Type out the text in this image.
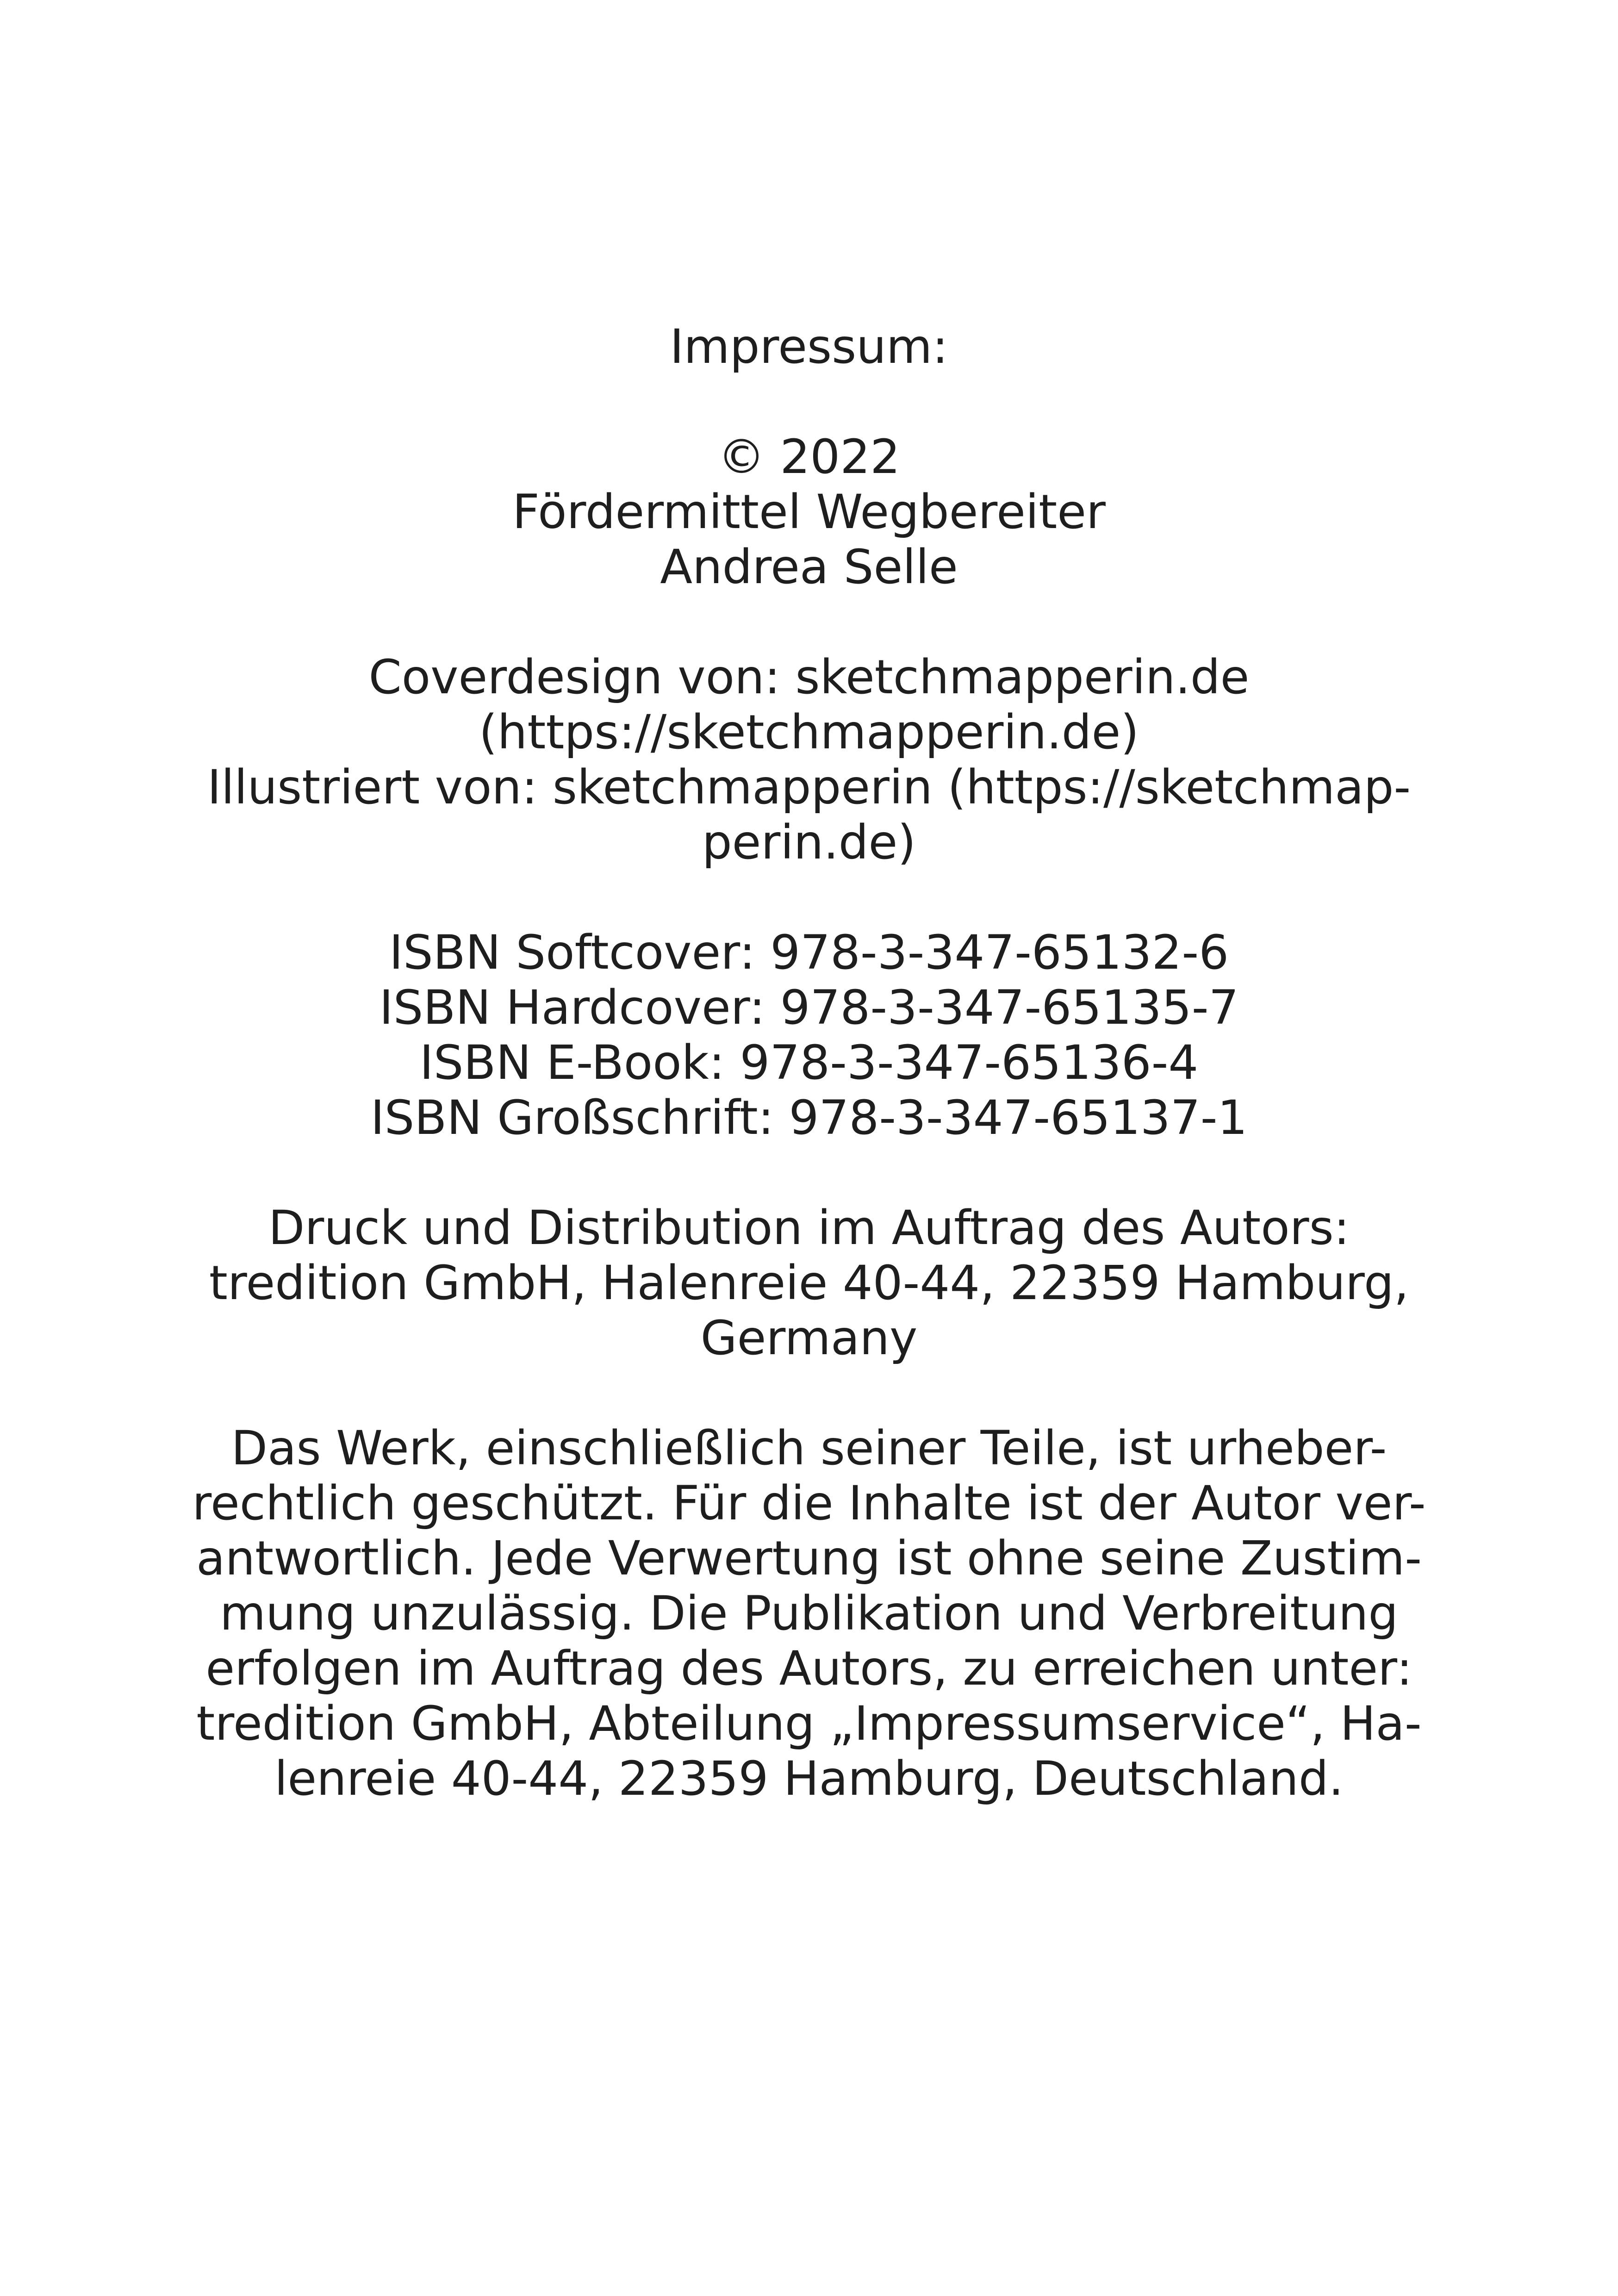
Impressum:
© 2022
Fördermittel Wegbereiter
Andrea Selle
Coverdesign von: sketchmapperin.de
(https://sketchmapperin.de)
Illustriert von: sketchmapperin (https://sketchmap-
perin.de)
ISBN Softcover: 978-3-347-65132-6
ISBN Hardcover: 978-3-347-65135-7
ISBN E-Book: 978-3-347-65136-4
ISBN Großschrift: 978-3-347-65137-1
Druck und Distribution im Auftrag des Autors:
tredition GmbH, Halenreie 40-44, 22359 Hamburg,
Germany
Das Werk, einschließlich seiner Teile, ist urheber-
rechtlich geschützt. Für die Inhalte ist der Autor ver-
antwortlich. Jede Verwertung ist ohne seine Zustim-
mung unzulässig. Die Publikation und Verbreitung
erfolgen im Auftrag des Autors, zu erreichen unter:
tredition GmbH, Abteilung „Impressumservice“, Ha-
lenreie 40-44, 22359 Hamburg, Deutschland.
